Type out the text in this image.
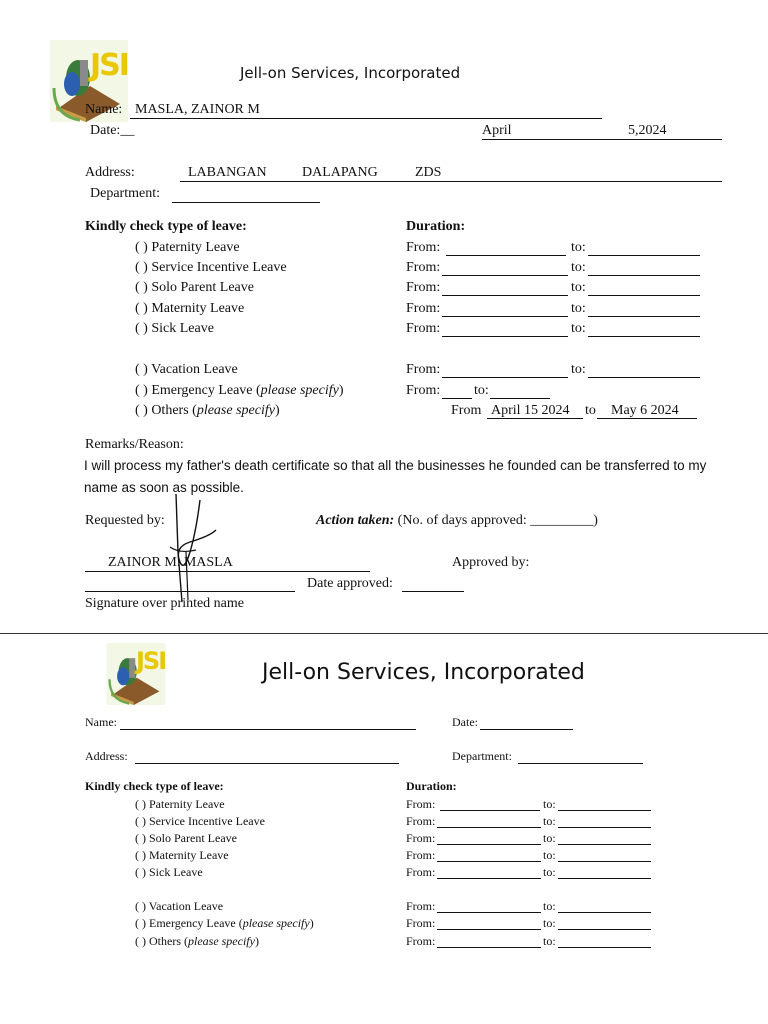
JSI	Jell-on Services, Incorporated
Name: MASLA, ZAINOR M
Date:__	April	5,2024
Address:	LABANGAN	DALAPANG	ZDS
Department:
Kindly check type of leave:	Duration:
( ) Paternity Leave	From:	to:
( ) Service Incentive Leave	From:	to:
( ) Solo Parent Leave	From:	to:
( ) Maternity Leave	From:	to:
( ) Sick Leave	From:	to:
( ) Vacation Leave	From:	to:
( ) Emergency Leave (please specify)	From: to:
( ) Others (please specify)	From April 15 2024 to May 6 2024
Remarks/Reason:
I will process my father's death certificate so that all the businesses he founded can be transferred to my name as soon as possible.
Requested by:	Action taken: (No. of days approved: _________)
ZAINOR M. MASLA	Approved by:
Date approved:
Signature over printed name
JSI	Jell-on Services, Incorporated
Name:	Date:
Address:	Department:
Kindly check type of leave:	Duration:
( ) Paternity Leave	From:	to:
( ) Service Incentive Leave	From:	to:
( ) Solo Parent Leave	From:	to:
( ) Maternity Leave	From:	to:
( ) Sick Leave	From:	to:
( ) Vacation Leave	From:	to:
( ) Emergency Leave (please specify)	From:	to:
( ) Others (please specify)	From:	to:
